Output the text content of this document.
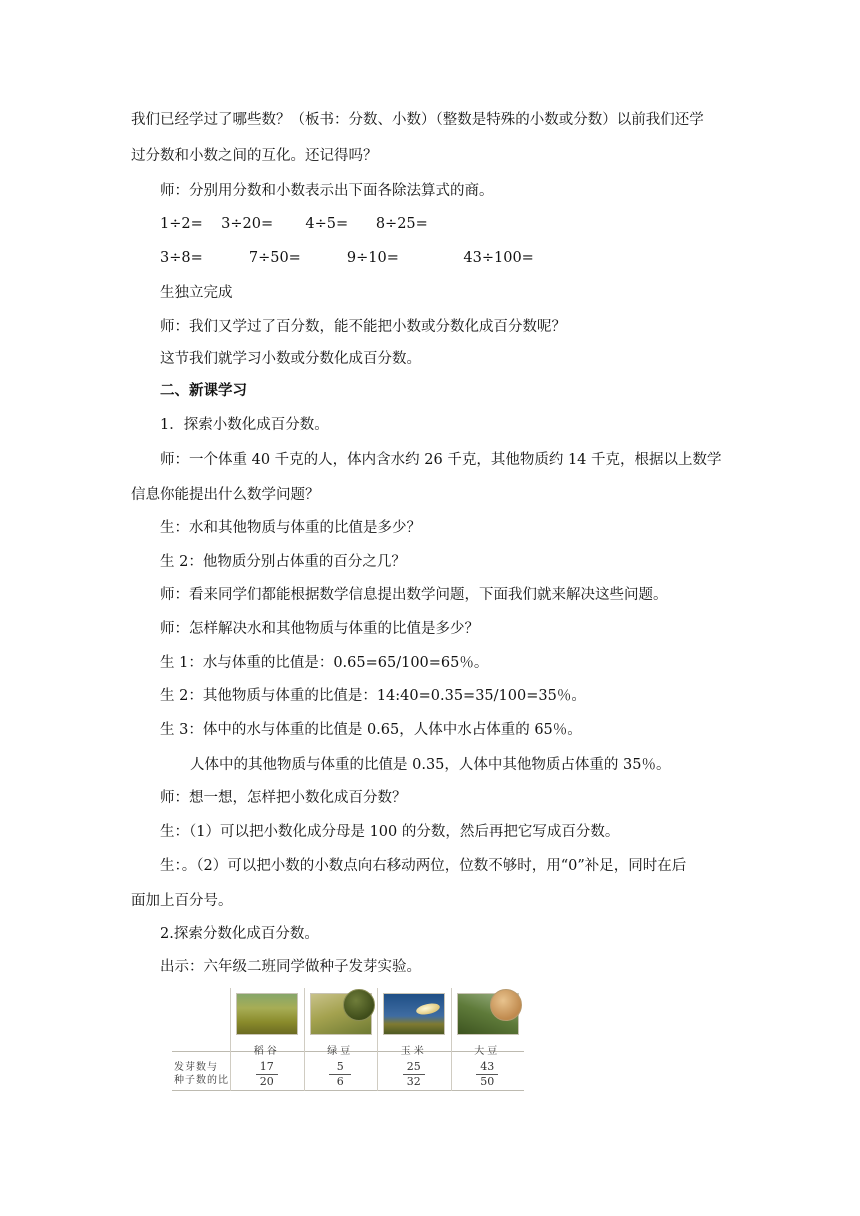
我们已经学过了哪些数？（板书：分数、小数）（整数是特殊的小数或分数）以前我们还学
过分数和小数之间的互化。还记得吗？
师：分别用分数和小数表示出下面各除法算式的商。
1÷2=    3÷20=       4÷5=      8÷25=
3÷8=          7÷50=          9÷10=              43÷100=
生独立完成
师：我们又学过了百分数，能不能把小数或分数化成百分数呢？
这节我们就学习小数或分数化成百分数。
二、新课学习
1．探索小数化成百分数。
师：一个体重 40 千克的人，体内含水约 26 千克，其他物质约 14 千克，根据以上数学
信息你能提出什么数学问题？
生：水和其他物质与体重的比值是多少？
生 2：他物质分别占体重的百分之几？
师：看来同学们都能根据数学信息提出数学问题，下面我们就来解决这些问题。
师：怎样解决水和其他物质与体重的比值是多少？
生 1：水与体重的比值是：0.65=65/100=65％。
生 2：其他物质与体重的比值是：14:40=0.35=35/100=35％。
生 3：体中的水与体重的比值是 0.65，人体中水占体重的 65％。
人体中的其他物质与体重的比值是 0.35，人体中其他物质占体重的 35％。
师：想一想，怎样把小数化成百分数？
生：（1）可以把小数化成分母是 100 的分数，然后再把它写成百分数。
生：。（2）可以把小数的小数点向右移动两位，位数不够时，用“0”补足，同时在后
面加上百分号。
2.探索分数化成百分数。
出示：六年级二班同学做种子发芽实验。
发芽数与
种子数的比
稻谷
17
20
绿豆
5
6
玉米
25
32
大豆
43
50
